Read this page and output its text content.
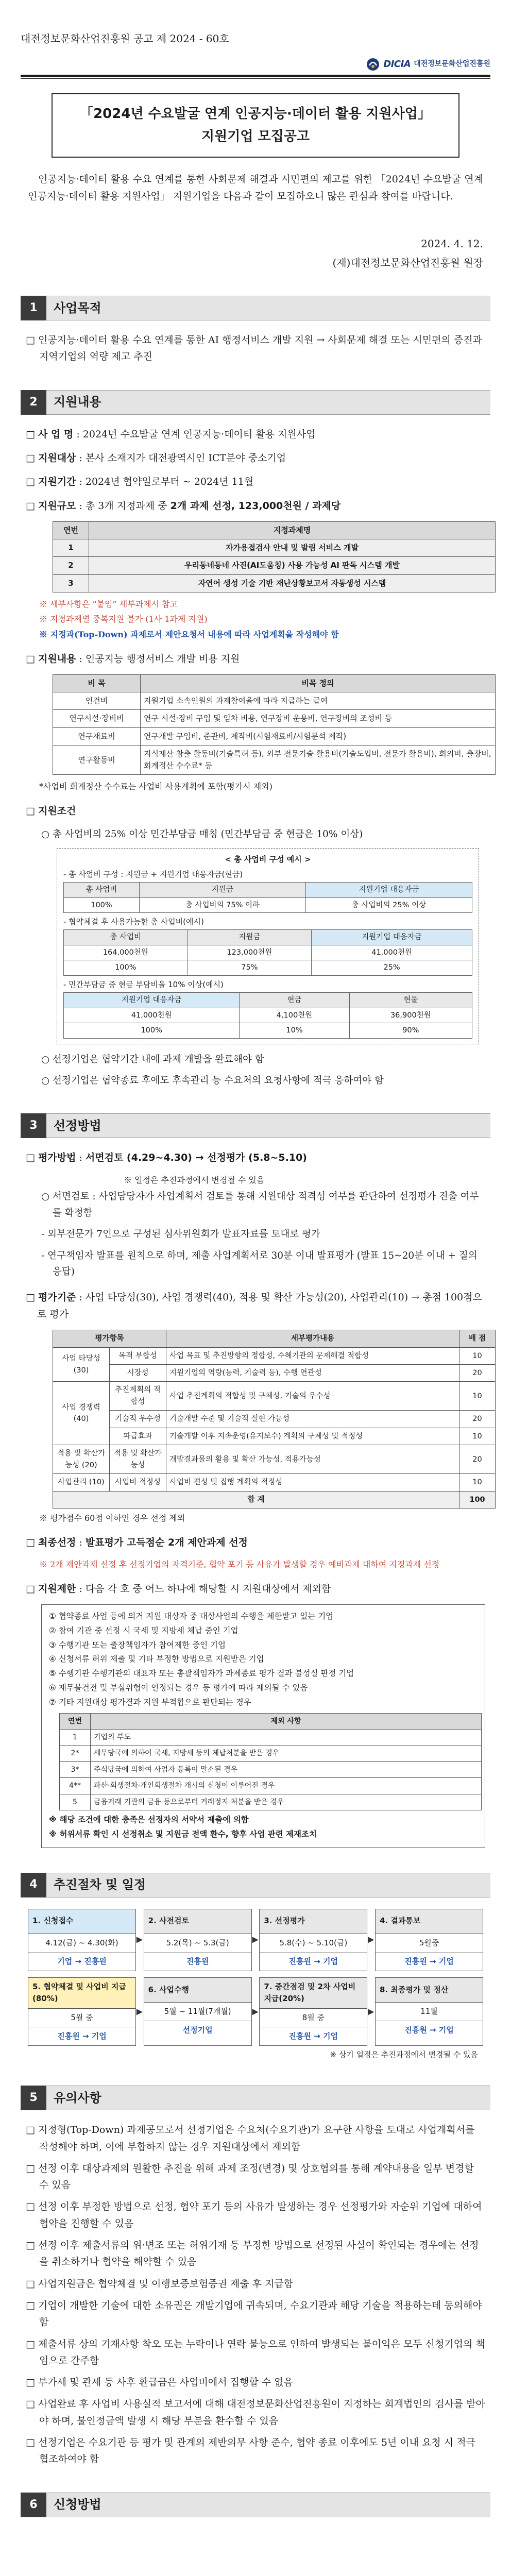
대전정보문화산업진흥원 공고 제 2024 - 60호
DICIA 대전정보문화산업진흥원
「2024년 수요발굴 연계 인공지능·데이터 활용 지원사업」
지원기업 모집공고

인공지능·데이터 활용 수요 연계를 통한 사회문제 해결과 시민편의 제고를 위한 「2024년 수요발굴 연계 인공지능·데이터 활용 지원사업」 지원기업을 다음과 같이 모집하오니 많은 관심과 참여를 바랍니다.

2024. 4. 12.
(재)대전정보문화산업진흥원 원장
1	사업목적

□ 인공지능·데이터 활용 수요 연계를 통한 AI 행정서비스 개발 지원 → 사회문제 해결 또는 시민편의 증진과 지역기업의 역량 제고 추진

2	지원내용

□ 사 업 명 : 2024년 수요발굴 연계 인공지능·데이터 활용 지원사업

□ 지원대상 : 본사 소재지가 대전광역시인 ICT분야 중소기업

□ 지원기간 : 2024년 협약일로부터 ~ 2024년 11월

□ 지원규모 : 총 3개 지정과제 중 2개 과제 선정, 123,000천원 / 과제당

연번	지정과제명
1	자가용접검사 안내 및 발림 서비스 개발
2	우리동네동네 사진(AI도움칭) 사용 가능성 AI 판독 시스템 개발
3	자연어 생성 기술 기반 재난상황보고서 자동생성 시스템
※ 세부사항은 “붙임” 세부과제서 참고
※ 지정과제별 중복지원 불가 (1사 1과제 지원)
※ 지정과(Top-Down) 과제로서 제안요청서 내용에 따라 사업계획을 작성해야 함

□ 지원내용 : 인공지능 행정서비스 개발 비용 지원

비 목	비목 정의
인건비	지원기업 소속인원의 과제참여율에 따라 지급하는 급여
연구시설·장비비	연구 시설·장비 구입 및 임차 비용, 연구장비 운용비, 연구장비의 조성비 등
연구재료비	연구개발 구입비, 준관비, 제작비(시험재료비/시험분석 제작)
연구활동비	지식재산 창출 활동비(기술특허 등), 외부 전문기술 활용비(기술도입비, 전문가 활용비), 회의비, 출장비, 회계정산 수수료* 등
*사업비 회계정산 수수료는 사업비 사용계획에 포함(평가시 제외)

□ 지원조건

○ 총 사업비의 25% 이상 민간부담금 매칭 (민간부담금 중 현금은 10% 이상)

< 총 사업비 구성 예시 >
- 총 사업비 구성 : 지원금 + 지원기업 대응자금(현금)
총 사업비	지원금	지원기업 대응자금
100%	총 사업비의 75% 이하	총 사업비의 25% 이상
- 협약체결 후 사용가능한 총 사업비(예시)
총 사업비	지원금	지원기업 대응자금
164,000천원	123,000천원	41,000천원
100%	75%	25%
- 민간부담금 중 현금 부담비율 10% 이상(예시)
지원기업 대응자금	현금	현물
41,000천원	4,100천원	36,900천원
100%	10%	90%

○ 선정기업은 협약기간 내에 과제 개발을 완료해야 함

○ 선정기업은 협약종료 후에도 후속관리 등 수요처의 요청사항에 적극 응하여야 함

3	선정방법

□ 평가방법 : 서면검토 (4.29~4.30) → 선정평가 (5.8~5.10)

※ 일정은 추진과정에서 변경될 수 있음

○ 서면검토 : 사업담당자가 사업계획서 검토를 통해 지원대상 적격성 여부를 판단하여 선정평가 진출 여부를 확정함

- 외부전문가 7인으로 구성된 심사위원회가 발표자료를 토대로 평가

- 연구책임자 발표를 원칙으로 하며, 제출 사업계획서로 30분 이내 발표평가 (발표 15~20분 이내 + 질의응답)

□ 평가기준 : 사업 타당성(30), 사업 경쟁력(40), 적용 및 확산 가능성(20), 사업관리(10) → 총점 100점으로 평가

평가항목		세부평가내용	배 점
사업 타당성 (30)	목적 부합성	사업 목표 및 추진방향의 정합성, 수혜기관의 문제해결 적합성	10
	시장성	지원기업의 역량(능력, 기술력 등), 수행 연관성	20
사업 경쟁력 (40)	추진계획의 적합성	사업 추진계획의 적합성 및 구체성, 기술의 우수성	10
	기술적 우수성	기술개발 수준 및 기술적 실현 가능성	20
	파급효과	기술개발 이후 지속운영(유지보수) 계획의 구체성 및 적정성	10
적용 및 확산가능성 (20)	적용 및 확산가능성	개발결과물의 활용 및 확산 가능성, 적용가능성	20
사업관리 (10)	사업비 적정성	사업비 편성 및 집행 계획의 적정성	10
합 계			100
※ 평가점수 60점 이하인 경우 선정 제외

□ 최종선정 : 발표평가 고득점순 2개 제안과제 선정

※ 2개 제안과제 선정 후 선정기업의 자격기준, 협약 포기 등 사유가 발생할 경우 예비과제 대하여 지정과제 선정

□ 지원제한 : 다음 각 호 중 어느 하나에 해당할 시 지원대상에서 제외함

① 협약종료 사업 등에 의거 지원 대상자 중 대상사업의 수행을 제한받고 있는 기업
② 참여 기관 중 선정 시 국세 및 지방세 체납 중인 기업
③ 수행기관 또는 출장책임자가 참여제한 중인 기업
④ 신청서류 허위 제출 및 기타 부정한 방법으로 지원받은 기업
⑤ 수행기관 수행기관의 대표자 또는 총괄책임자가 과제종료 평가 결과 불성실 판정 기업
⑥ 재무불건전 및 부실위험이 인정되는 경우 등 평가에 따라 제외될 수 있음
⑦ 기타 지원대상 평가결과 지원 부적합으로 판단되는 경우
연번	제외 사항
1	기업의 부도
2*	세무당국에 의하여 국세, 지방세 등의 체납처분을 받은 경우
3*	주식당국에 의하여 사업자 등록이 말소된 경우
4**	파산·회생절차·개인회생절차 개시의 신청이 이루어진 경우
5	금융거래 기관의 금융 등으로부터 거래정지 처분을 받은 경우
※ 해당 조건에 대한 충족은 선정자의 서약서 제출에 의함
※ 허위서류 확인 시 선정취소 및 지원금 전액 환수, 향후 사업 관련 제재조치
4	추진절차 및 일정
1. 신청접수
4.12(금) ~ 4.30(화)
기업 → 진흥원
▶
2. 사전검토
5.2(목) ~ 5.3(금)
진흥원
▶
3. 선정평가
5.8(수) ~ 5.10(금)
진흥원 → 기업
▶
4. 결과통보
5월중
진흥원 → 기업
5. 협약체결 및 사업비 지급(80%)
5월 중
진흥원 → 기업
▶
6. 사업수행
5월 ~ 11월(7개월)
선정기업
▶
7. 중간점검 및 2차 사업비 지급(20%)
8월 중
진흥원 → 기업
▶
8. 최종평가 및 정산
11월
진흥원 → 기업
※ 상기 일정은 추진과정에서 변경될 수 있음
5	유의사항

□ 지정형(Top-Down) 과제공모로서 선정기업은 수요처(수요기관)가 요구한 사항을 토대로 사업계획서를 작성해야 하며, 이에 부합하지 않는 경우 지원대상에서 제외함

□ 선정 이후 대상과제의 원활한 추진을 위해 과제 조정(변경) 및 상호협의를 통해 계약내용을 일부 변경할 수 있음

□ 선정 이후 부정한 방법으로 선정, 협약 포기 등의 사유가 발생하는 경우 선정평가와 자순위 기업에 대하여 협약을 진행할 수 있음

□ 선정 이후 제출서류의 위·변조 또는 허위기재 등 부정한 방법으로 선정된 사실이 확인되는 경우에는 선정을 취소하거나 협약을 해약할 수 있음

□ 사업지원금은 협약체결 및 이행보증보험증권 제출 후 지급함

□ 기업이 개발한 기술에 대한 소유권은 개발기업에 귀속되며, 수요기관과 해당 기술을 적용하는데 동의해야 함

□ 제출서류 상의 기재사항 착오 또는 누락이나 연락 불능으로 인하여 발생되는 불이익은 모두 신청기업의 책임으로 간주함

□ 부가세 및 관세 등 사후 환급금은 사업비에서 집행할 수 없음

□ 사업완료 후 사업비 사용실적 보고서에 대해 대전정보문화산업진흥원이 지정하는 회계법인의 검사를 받아야 하며, 불인정금액 발생 시 해당 부분을 환수할 수 있음

□ 선정기업은 수요기관 등 평가 및 관계의 제반의무 사항 준수, 협약 종료 이후에도 5년 이내 요청 시 적극 협조하여야 함

6	신청방법
